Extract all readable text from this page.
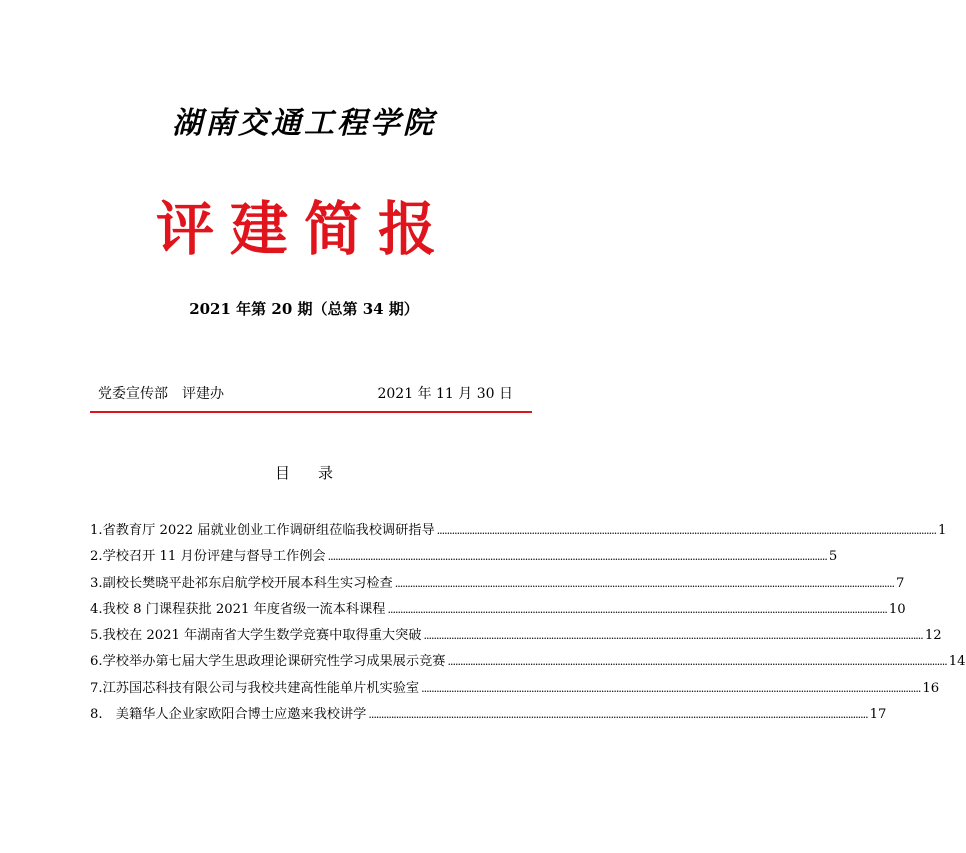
湖南交通工程学院
评建简报
2021 年第 20 期（总第 34 期）
党委宣传部　评建办	2021 年 11 月 30 日
目录
1. 省教育厅 2022 届就业创业工作调研组莅临我校调研指导 ........................................................................................................................................................................................................ 1
2. 学校召开 11 月份评建与督导工作例会 ........................................................................................................................................................................................................ 5
3. 副校长樊晓平赴祁东启航学校开展本科生实习检查 ........................................................................................................................................................................................................ 7
4. 我校 8 门课程获批 2021 年度省级一流本科课程 ........................................................................................................................................................................................................ 10
5. 我校在 2021 年湖南省大学生数学竞赛中取得重大突破 ........................................................................................................................................................................................................ 12
6. 学校举办第七届大学生思政理论课研究性学习成果展示竞赛 ........................................................................................................................................................................................................ 14
7. 江苏国芯科技有限公司与我校共建高性能单片机实验室 ........................................................................................................................................................................................................ 16
8. 　美籍华人企业家欧阳合博士应邀来我校讲学 ........................................................................................................................................................................................................ 17
